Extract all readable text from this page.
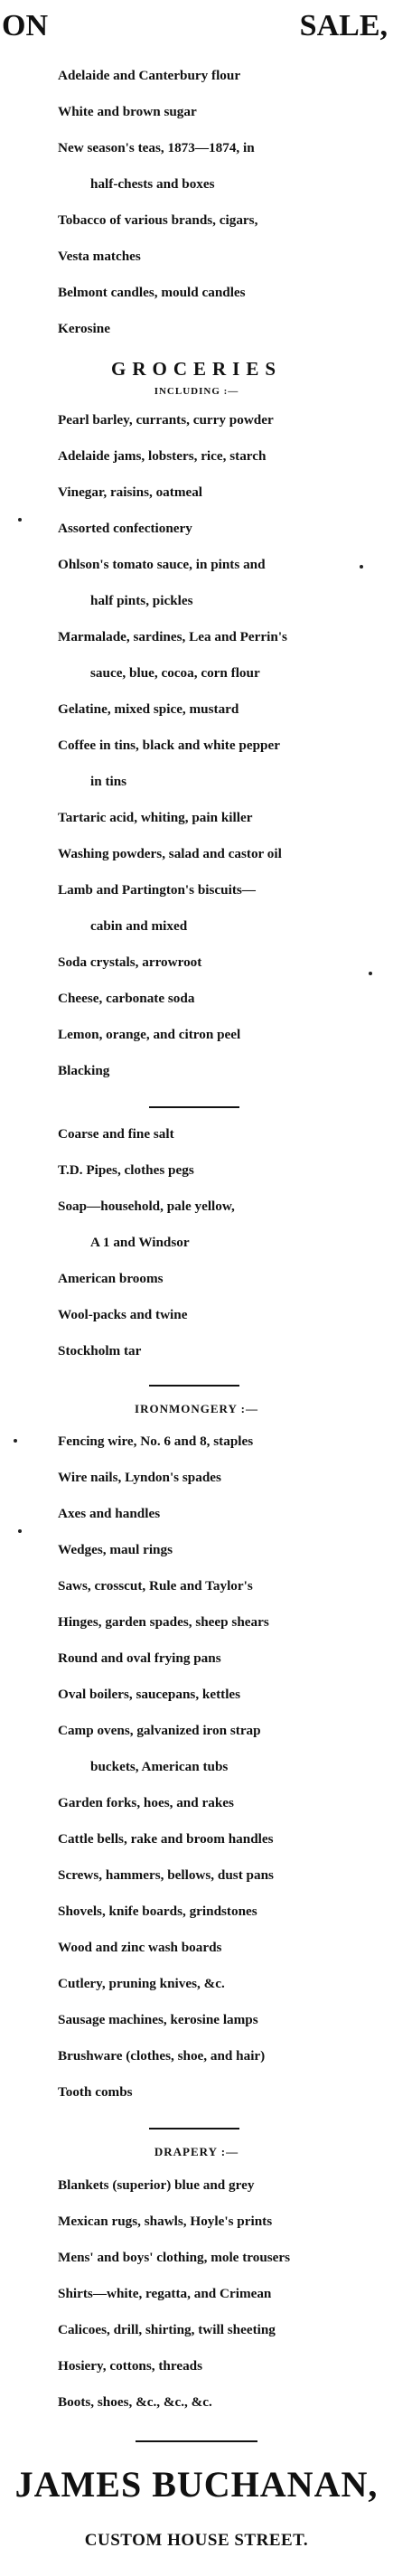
ON	SALE,
Adelaide and Canterbury flour
White and brown sugar
New season's teas, 1873—1874, in
half-chests and boxes
Tobacco of various brands, cigars,
Vesta matches
Belmont candles, mould candles
Kerosine
GROCERIES
INCLUDING :—
Pearl barley, currants, curry powder
Adelaide jams, lobsters, rice, starch
Vinegar, raisins, oatmeal
Assorted confectionery
Ohlson's tomato sauce, in pints and
half pints, pickles
Marmalade, sardines, Lea and Perrin's
sauce, blue, cocoa, corn flour
Gelatine, mixed spice, mustard
Coffee in tins, black and white pepper
in tins
Tartaric acid, whiting, pain killer
Washing powders, salad and castor oil
Lamb and Partington's biscuits—
cabin and mixed
Soda crystals, arrowroot
Cheese, carbonate soda
Lemon, orange, and citron peel
Blacking
Coarse and fine salt
T.D. Pipes, clothes pegs
Soap—household, pale yellow,
A 1 and Windsor
American brooms
Wool-packs and twine
Stockholm tar
IRONMONGERY :—
Fencing wire, No. 6 and 8, staples
Wire nails, Lyndon's spades
Axes and handles
Wedges, maul rings
Saws, crosscut, Rule and Taylor's
Hinges, garden spades, sheep shears
Round and oval frying pans
Oval boilers, saucepans, kettles
Camp ovens, galvanized iron strap
buckets, American tubs
Garden forks, hoes, and rakes
Cattle bells, rake and broom handles
Screws, hammers, bellows, dust pans
Shovels, knife boards, grindstones
Wood and zinc wash boards
Cutlery, pruning knives, &c.
Sausage machines, kerosine lamps
Brushware (clothes, shoe, and hair)
Tooth combs
DRAPERY :—
Blankets (superior) blue and grey
Mexican rugs, shawls, Hoyle's prints
Mens' and boys' clothing, mole trousers
Shirts—white, regatta, and Crimean
Calicoes, drill, shirting, twill sheeting
Hosiery, cottons, threads
Boots, shoes, &c., &c., &c.
JAMES BUCHANAN,
CUSTOM HOUSE STREET.
